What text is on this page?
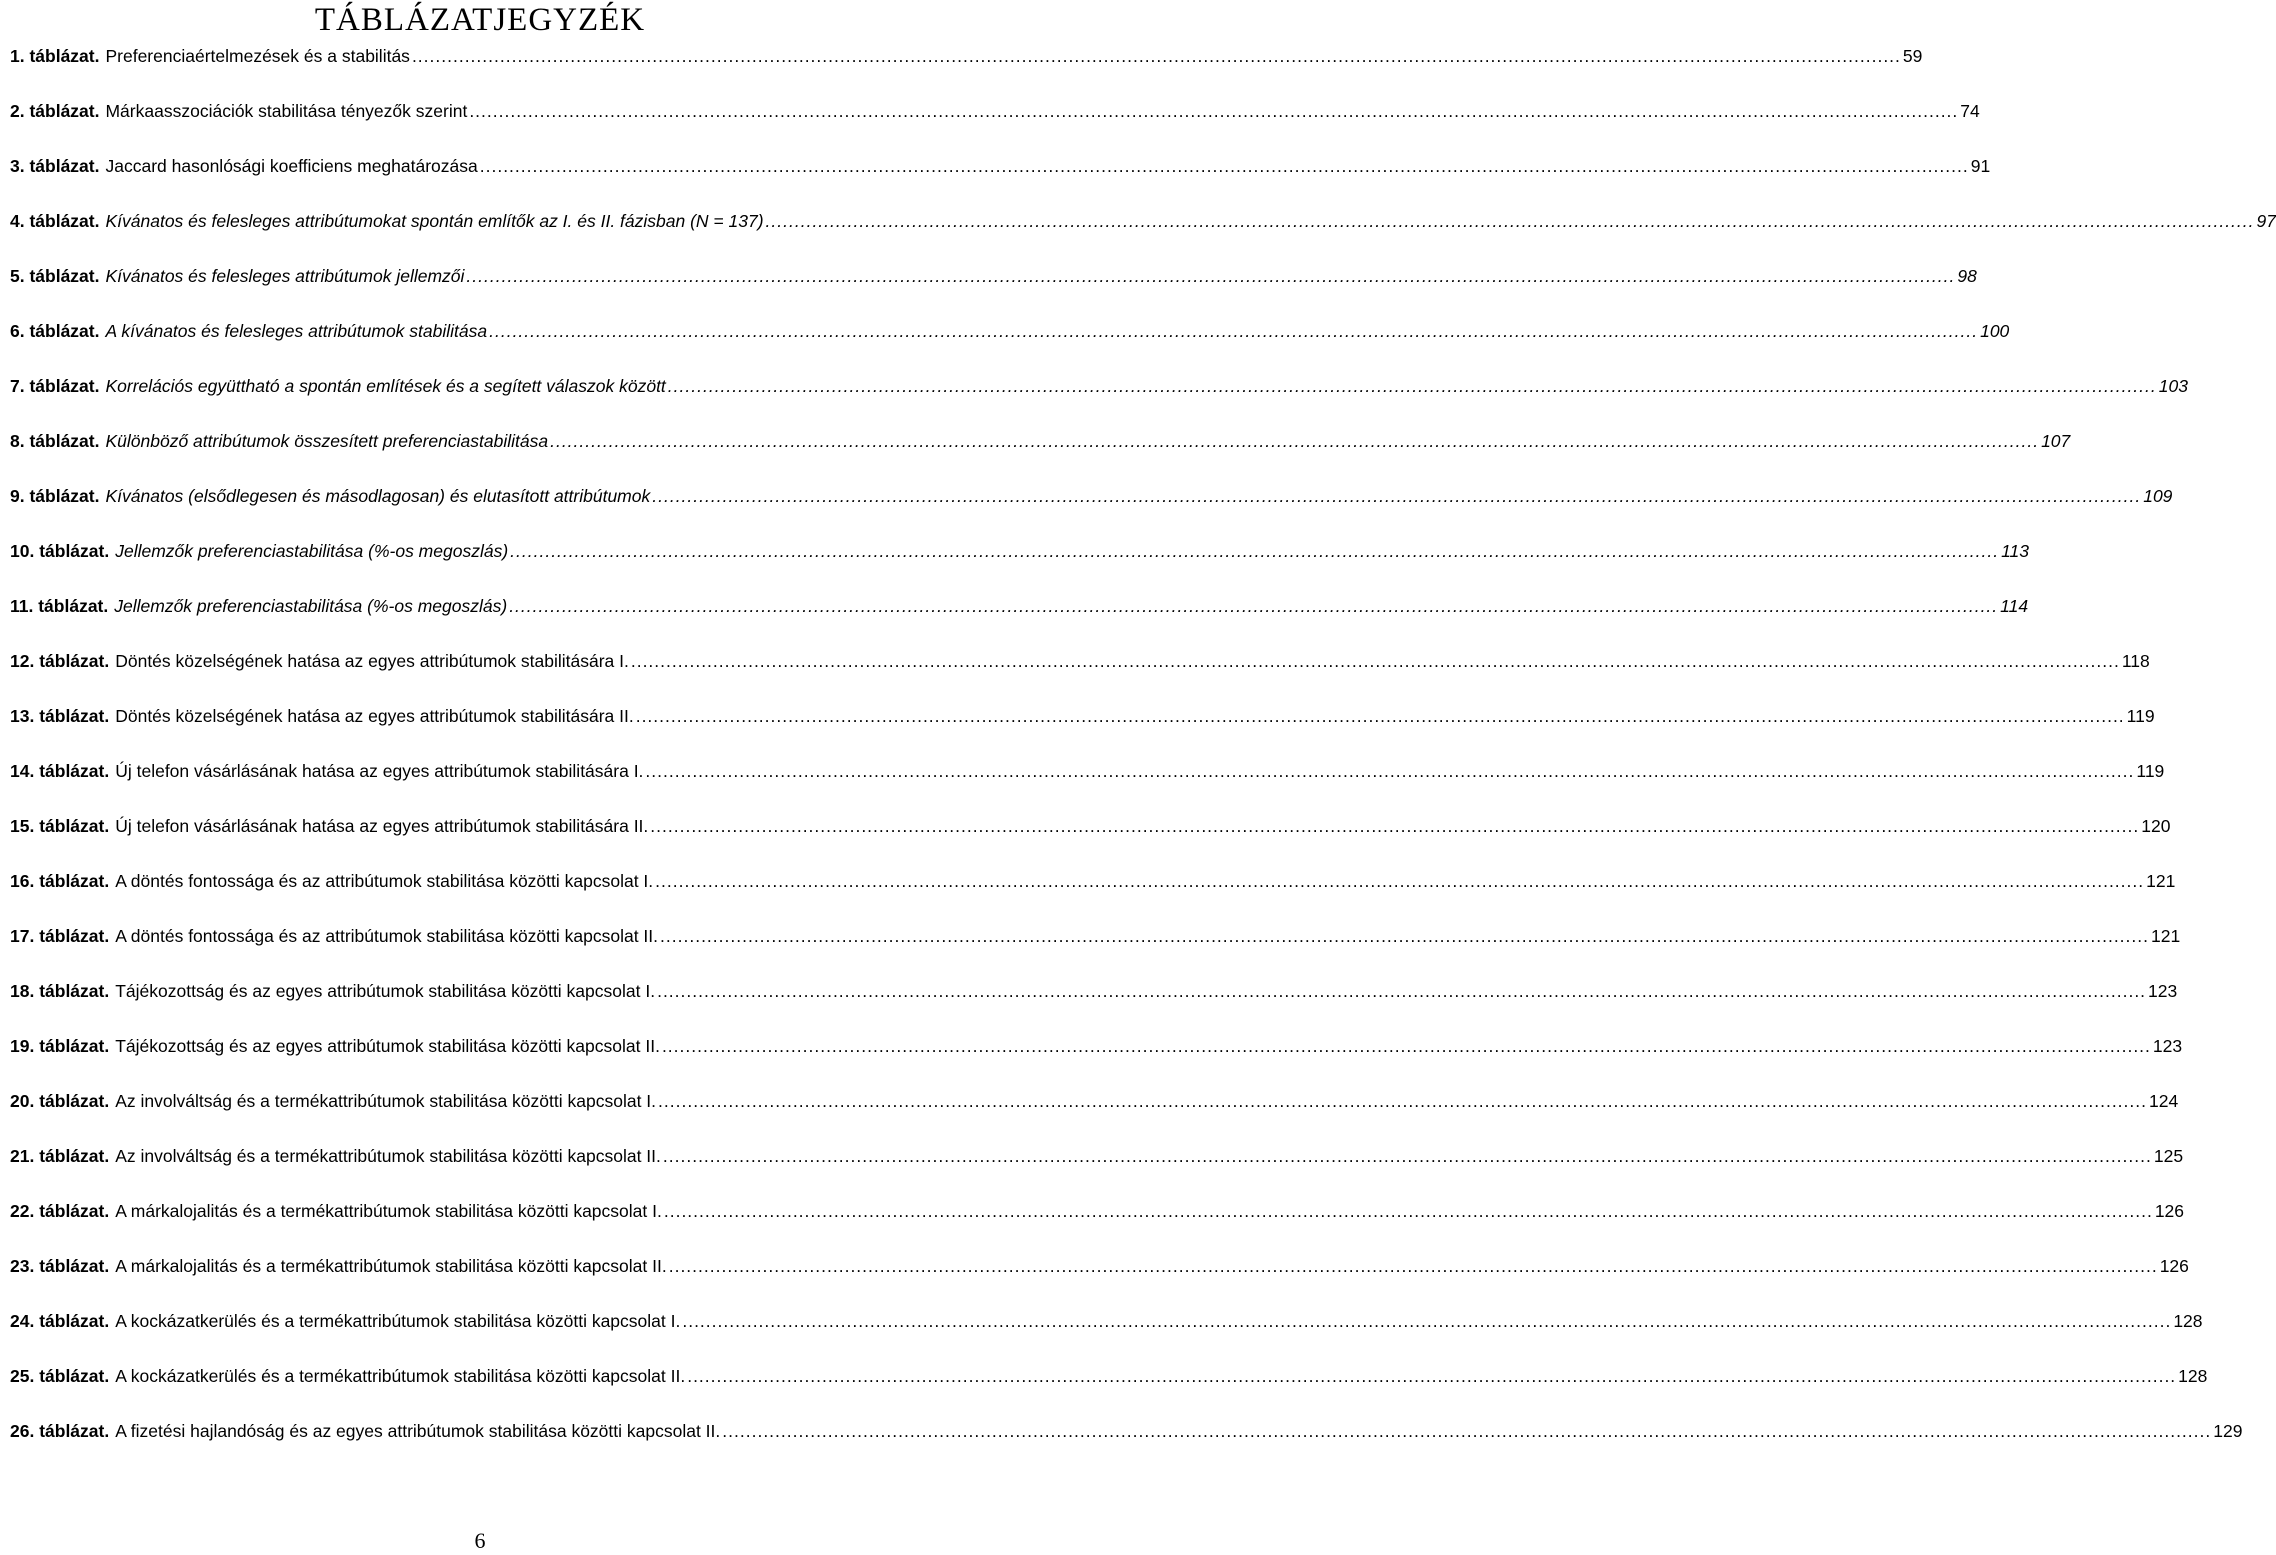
TÁBLÁZATJEGYZÉK
1. táblázat. Preferenciaértelmezések és a stabilitás .....	59
2. táblázat. Márkaasszociációk stabilitása tényezők szerint .....	74
3. táblázat. Jaccard hasonlósági koefficiens meghatározása .....	91
4. táblázat. Kívánatos és felesleges attribútumokat spontán említők az I. és II. fázisban (N = 137) .....	97
5. táblázat. Kívánatos és felesleges attribútumok jellemzői .....	98
6. táblázat. A kívánatos és felesleges attribútumok stabilitása .....	100
7. táblázat. Korrelációs együttható a spontán említések és a segített válaszok között .....	103
8. táblázat. Különböző attribútumok összesített preferenciastabilitása .....	107
9. táblázat. Kívánatos (elsődlegesen és másodlagosan) és elutasított attribútumok .....	109
10. táblázat. Jellemzők preferenciastabilitása (%-os megoszlás) .....	113
11. táblázat. Jellemzők preferenciastabilitása (%-os megoszlás) .....	114
12. táblázat. Döntés közelségének hatása az egyes attribútumok stabilitására I. .....	118
13. táblázat. Döntés közelségének hatása az egyes attribútumok stabilitására II. .....	119
14. táblázat. Új telefon vásárlásának hatása az egyes attribútumok stabilitására I. .....	119
15. táblázat. Új telefon vásárlásának hatása az egyes attribútumok stabilitására II. .....	120
16. táblázat. A döntés fontossága és az attribútumok stabilitása közötti kapcsolat I. .....	121
17. táblázat. A döntés fontossága és az attribútumok stabilitása közötti kapcsolat II. .....	121
18. táblázat. Tájékozottság és az egyes attribútumok stabilitása közötti kapcsolat I. .....	123
19. táblázat. Tájékozottság és az egyes attribútumok stabilitása közötti kapcsolat II. .....	123
20. táblázat. Az involváltság és a termékattribútumok stabilitása közötti kapcsolat I. .....	124
21. táblázat. Az involváltság és a termékattribútumok stabilitása közötti kapcsolat II. .....	125
22. táblázat. A márkalojalitás és a termékattribútumok stabilitása közötti kapcsolat I. .....	126
23. táblázat. A márkalojalitás és a termékattribútumok stabilitása közötti kapcsolat II. .....	126
24. táblázat. A kockázatkerülés és a termékattribútumok stabilitása közötti kapcsolat I. .....	128
25. táblázat. A kockázatkerülés és a termékattribútumok stabilitása közötti kapcsolat II. .....	128
26. táblázat. A fizetési hajlandóság és az egyes attribútumok stabilitása közötti kapcsolat II. .....	129
6
